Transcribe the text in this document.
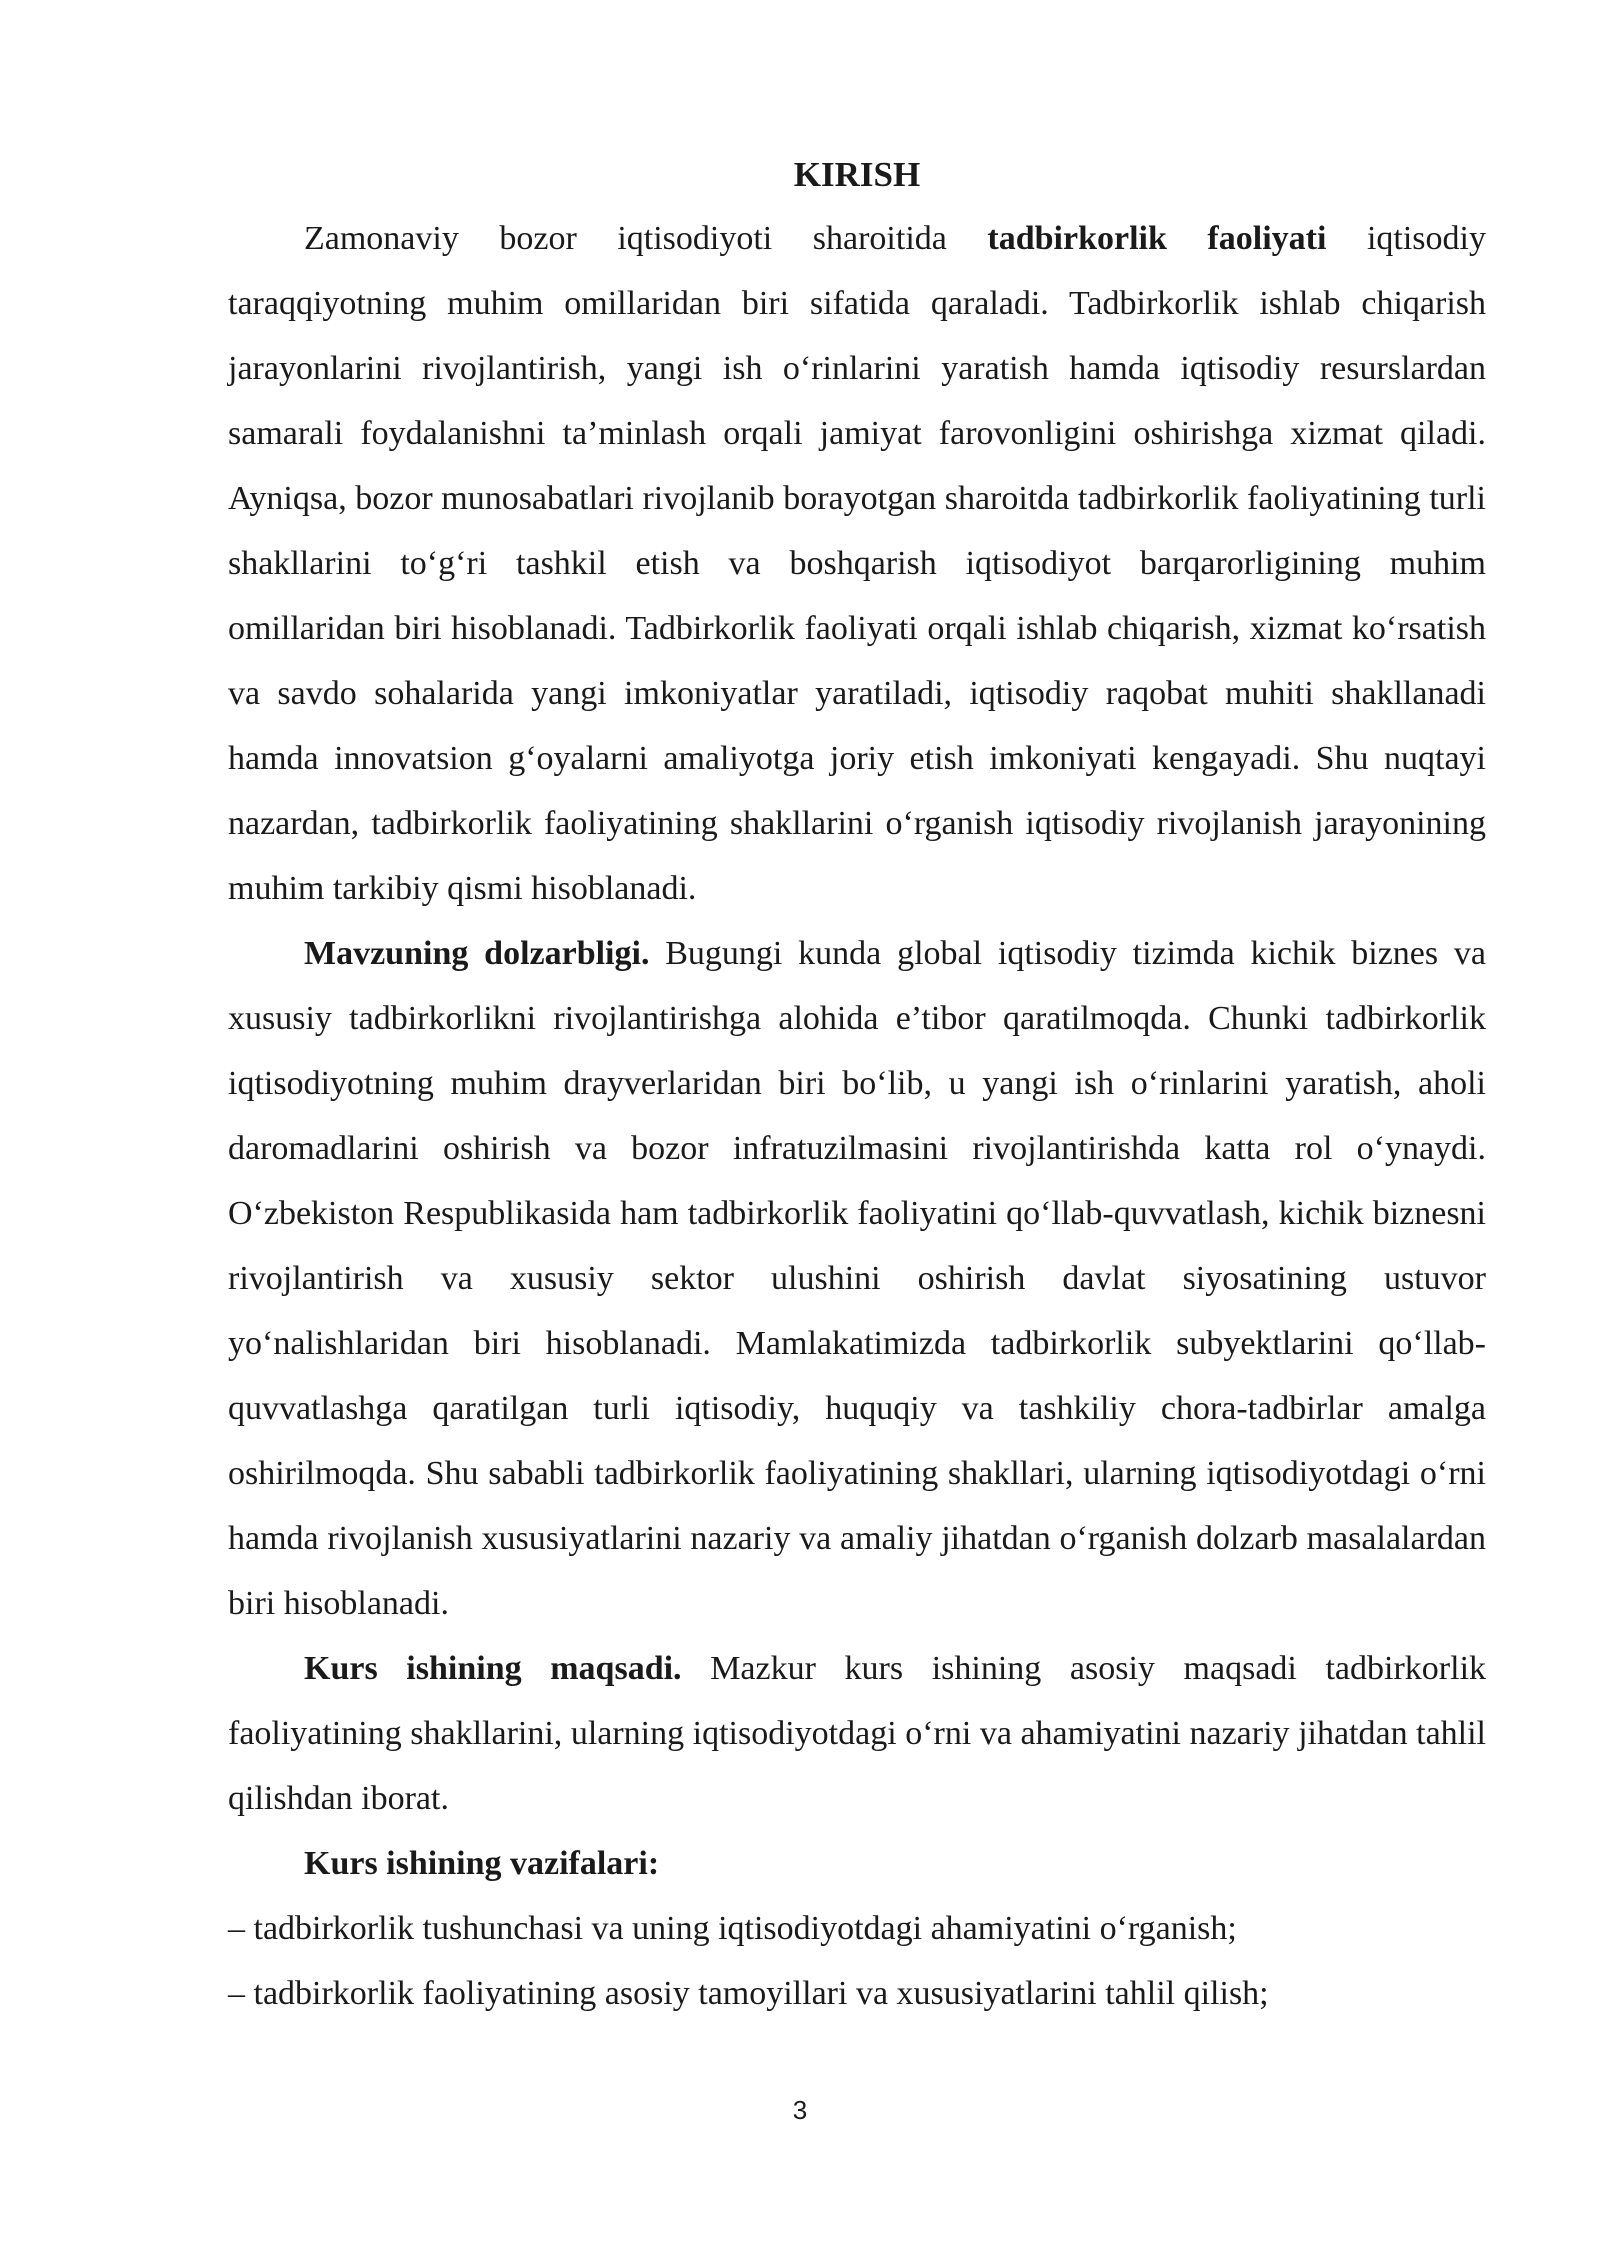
KIRISH

Zamonaviy bozor iqtisodiyoti sharoitida tadbirkorlik faoliyati iqtisodiy taraqqiyotning muhim omillaridan biri sifatida qaraladi. Tadbirkorlik ishlab chiqarish jarayonlarini rivojlantirish, yangi ish o‘rinlarini yaratish hamda iqtisodiy resurslardan samarali foydalanishni ta’minlash orqali jamiyat farovonligini oshirishga xizmat qiladi. Ayniqsa, bozor munosabatlari rivojlanib borayotgan sharoitda tadbirkorlik faoliyatining turli shakllarini to‘g‘ri tashkil etish va boshqarish iqtisodiyot barqarorligining muhim omillaridan biri hisoblanadi. Tadbirkorlik faoliyati orqali ishlab chiqarish, xizmat ko‘rsatish va savdo sohalarida yangi imkoniyatlar yaratiladi, iqtisodiy raqobat muhiti shakllanadi hamda innovatsion g‘oyalarni amaliyotga joriy etish imkoniyati kengayadi. Shu nuqtayi nazardan, tadbirkorlik faoliyatining shakllarini o‘rganish iqtisodiy rivojlanish jarayonining muhim tarkibiy qismi hisoblanadi.

Mavzuning dolzarbligi. Bugungi kunda global iqtisodiy tizimda kichik biznes va xususiy tadbirkorlikni rivojlantirishga alohida e’tibor qaratilmoqda. Chunki tadbirkorlik iqtisodiyotning muhim drayverlaridan biri bo‘lib, u yangi ish o‘rinlarini yaratish, aholi daromadlarini oshirish va bozor infratuzilmasini rivojlantirishda katta rol o‘ynaydi. O‘zbekiston Respublikasida ham tadbirkorlik faoliyatini qo‘llab-quvvatlash, kichik biznesni rivojlantirish va xususiy sektor ulushini oshirish davlat siyosatining ustuvor yo‘nalishlaridan biri hisoblanadi. Mamlakatimizda tadbirkorlik subyektlarini qo‘llab-quvvatlashga qaratilgan turli iqtisodiy, huquqiy va tashkiliy chora-tadbirlar amalga oshirilmoqda. Shu sababli tadbirkorlik faoliyatining shakllari, ularning iqtisodiyotdagi o‘rni hamda rivojlanish xususiyatlarini nazariy va amaliy jihatdan o‘rganish dolzarb masalalardan biri hisoblanadi.

Kurs ishining maqsadi. Mazkur kurs ishining asosiy maqsadi tadbirkorlik faoliyatining shakllarini, ularning iqtisodiyotdagi o‘rni va ahamiyatini nazariy jihatdan tahlil qilishdan iborat.

Kurs ishining vazifalari:

– tadbirkorlik tushunchasi va uning iqtisodiyotdagi ahamiyatini o‘rganish;
– tadbirkorlik faoliyatining asosiy tamoyillari va xususiyatlarini tahlil qilish;
3
